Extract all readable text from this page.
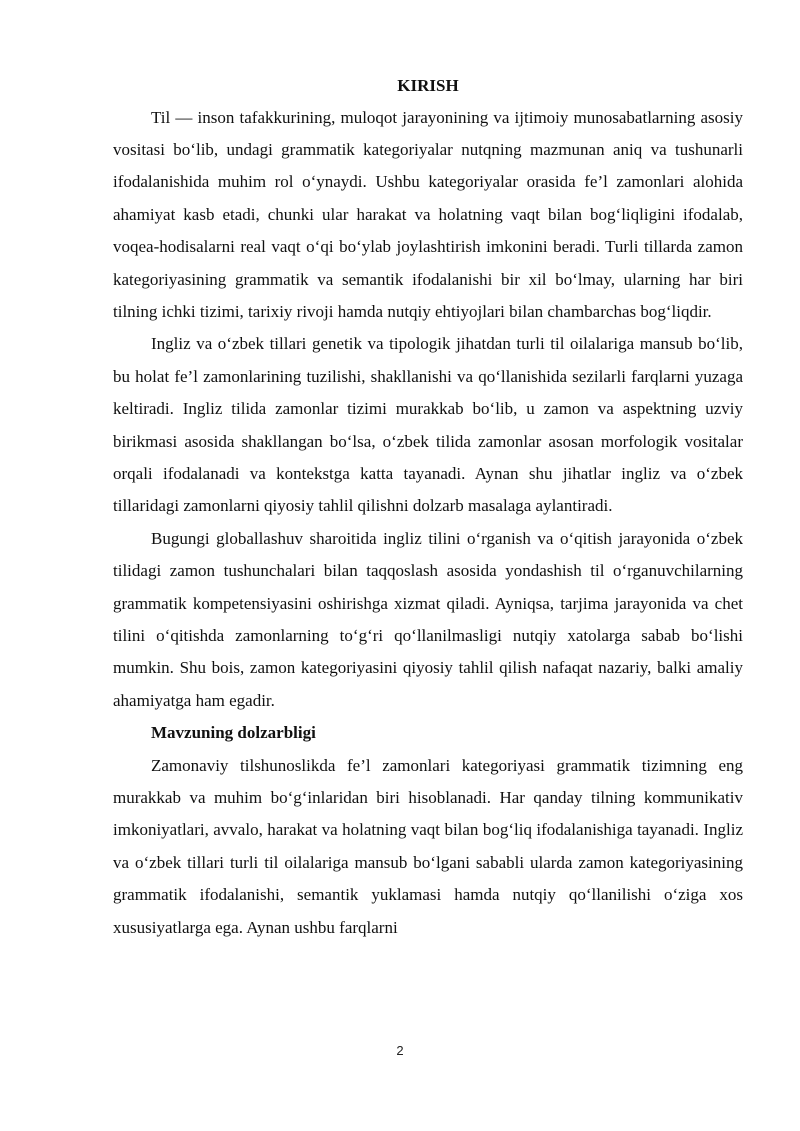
KIRISH

Til — inson tafakkurining, muloqot jarayonining va ijtimoiy munosabatlarning asosiy vositasi bo‘lib, undagi grammatik kategoriyalar nutqning mazmunan aniq va tushunarli ifodalanishida muhim rol o‘ynaydi. Ushbu kategoriyalar orasida fe’l zamonlari alohida ahamiyat kasb etadi, chunki ular harakat va holatning vaqt bilan bog‘liqligini ifodalab, voqea-hodisalarni real vaqt o‘qi bo‘ylab joylashtirish imkonini beradi. Turli tillarda zamon kategoriyasining grammatik va semantik ifodalanishi bir xil bo‘lmay, ularning har biri tilning ichki tizimi, tarixiy rivoji hamda nutqiy ehtiyojlari bilan chambarchas bog‘liqdir.

Ingliz va o‘zbek tillari genetik va tipologik jihatdan turli til oilalariga mansub bo‘lib, bu holat fe’l zamonlarining tuzilishi, shakllanishi va qo‘llanishida sezilarli farqlarni yuzaga keltiradi. Ingliz tilida zamonlar tizimi murakkab bo‘lib, u zamon va aspektning uzviy birikmasi asosida shakllangan bo‘lsa, o‘zbek tilida zamonlar asosan morfologik vositalar orqali ifodalanadi va kontekstga katta tayanadi. Aynan shu jihatlar ingliz va o‘zbek tillaridagi zamonlarni qiyosiy tahlil qilishni dolzarb masalaga aylantiradi.

Bugungi globallashuv sharoitida ingliz tilini o‘rganish va o‘qitish jarayonida o‘zbek tilidagi zamon tushunchalari bilan taqqoslash asosida yondashish til o‘rganuvchilarning grammatik kompetensiyasini oshirishga xizmat qiladi. Ayniqsa, tarjima jarayonida va chet tilini o‘qitishda zamonlarning to‘g‘ri qo‘llanilmasligi nutqiy xatolarga sabab bo‘lishi mumkin. Shu bois, zamon kategoriyasini qiyosiy tahlil qilish nafaqat nazariy, balki amaliy ahamiyatga ham egadir.

Mavzuning dolzarbligi

Zamonaviy tilshunoslikda fe’l zamonlari kategoriyasi grammatik tizimning eng murakkab va muhim bo‘g‘inlaridan biri hisoblanadi. Har qanday tilning kommunikativ imkoniyatlari, avvalo, harakat va holatning vaqt bilan bog‘liq ifodalanishiga tayanadi. Ingliz va o‘zbek tillari turli til oilalariga mansub bo‘lgani sababli ularda zamon kategoriyasining grammatik ifodalanishi, semantik yuklamasi hamda nutqiy qo‘llanilishi o‘ziga xos xususiyatlarga ega. Aynan ushbu farqlarni

2
